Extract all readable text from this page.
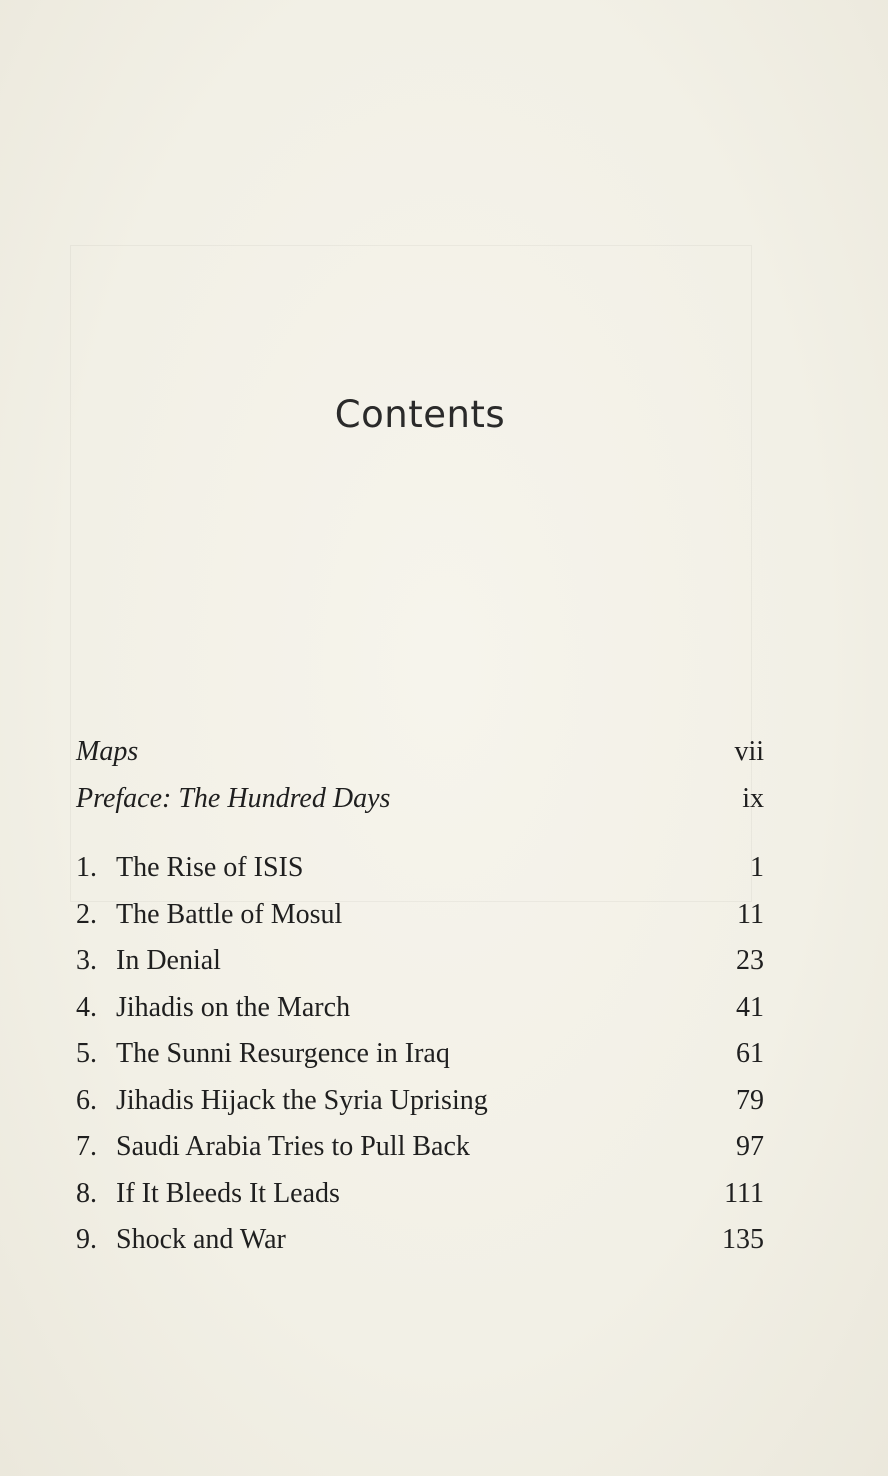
Contents
Maps	vii
Preface: The Hundred Days	ix
1. The Rise of ISIS	1
2. The Battle of Mosul	11
3. In Denial	23
4. Jihadis on the March	41
5. The Sunni Resurgence in Iraq	61
6. Jihadis Hijack the Syria Uprising	79
7. Saudi Arabia Tries to Pull Back	97
8. If It Bleeds It Leads	111
9. Shock and War	135
